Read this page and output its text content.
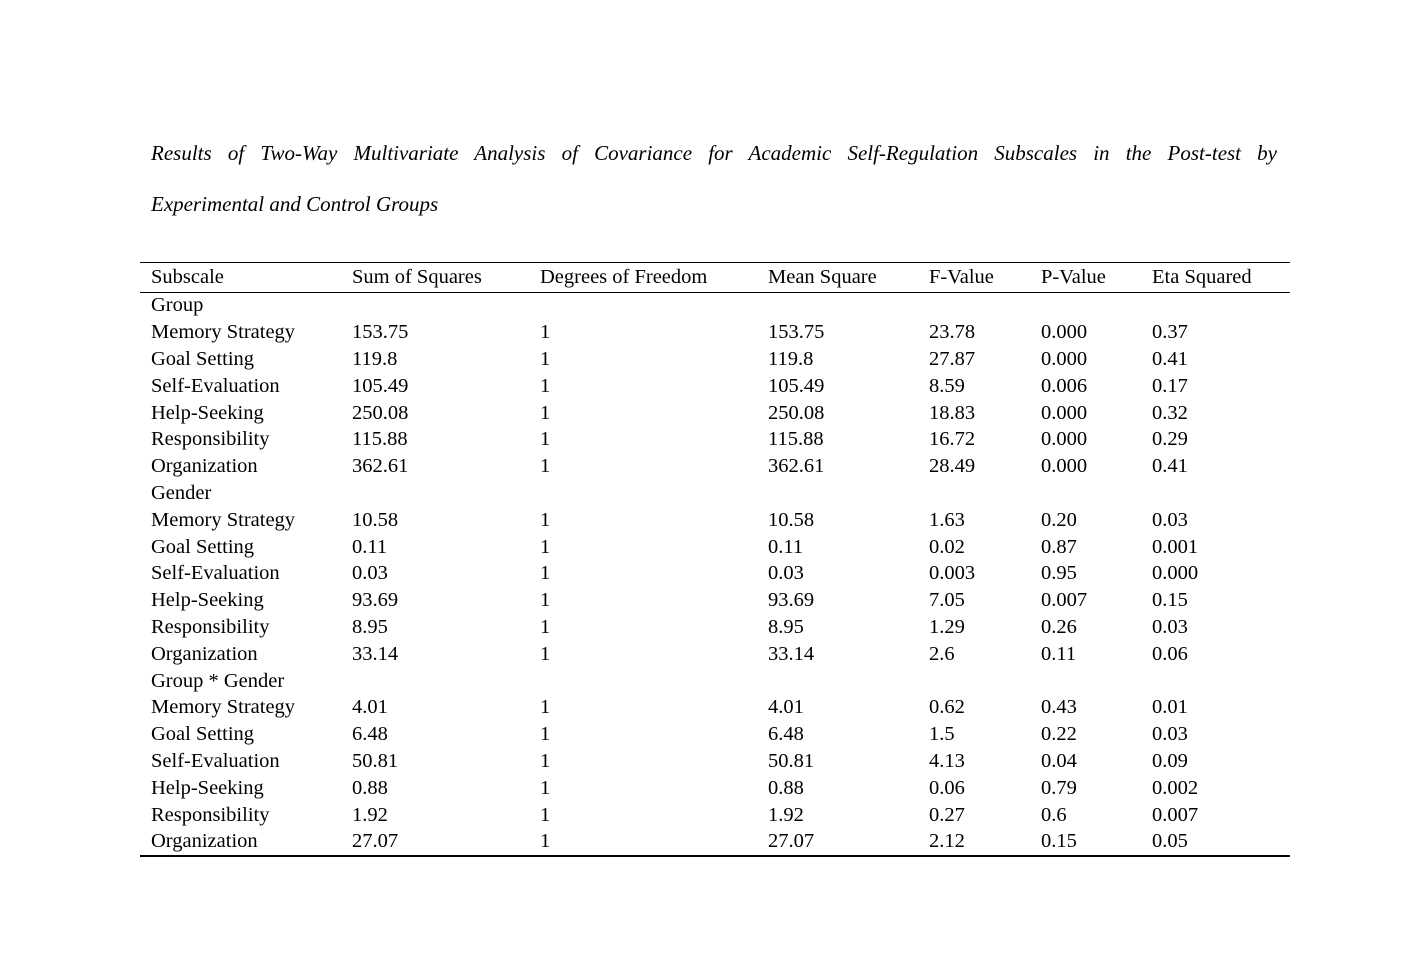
Results of Two-Way Multivariate Analysis of Covariance for Academic Self-Regulation Subscales in the Post-test by
Experimental and Control Groups
Subscale	Sum of Squares	Degrees of Freedom	Mean Square	F-Value	P-Value	Eta Squared
Group						
Memory Strategy	153.75	1	153.75	23.78	0.000	0.37
Goal Setting	119.8	1	119.8	27.87	0.000	0.41
Self-Evaluation	105.49	1	105.49	8.59	0.006	0.17
Help-Seeking	250.08	1	250.08	18.83	0.000	0.32
Responsibility	115.88	1	115.88	16.72	0.000	0.29
Organization	362.61	1	362.61	28.49	0.000	0.41
Gender						
Memory Strategy	10.58	1	10.58	1.63	0.20	0.03
Goal Setting	0.11	1	0.11	0.02	0.87	0.001
Self-Evaluation	0.03	1	0.03	0.003	0.95	0.000
Help-Seeking	93.69	1	93.69	7.05	0.007	0.15
Responsibility	8.95	1	8.95	1.29	0.26	0.03
Organization	33.14	1	33.14	2.6	0.11	0.06
Group * Gender						
Memory Strategy	4.01	1	4.01	0.62	0.43	0.01
Goal Setting	6.48	1	6.48	1.5	0.22	0.03
Self-Evaluation	50.81	1	50.81	4.13	0.04	0.09
Help-Seeking	0.88	1	0.88	0.06	0.79	0.002
Responsibility	1.92	1	1.92	0.27	0.6	0.007
Organization	27.07	1	27.07	2.12	0.15	0.05
